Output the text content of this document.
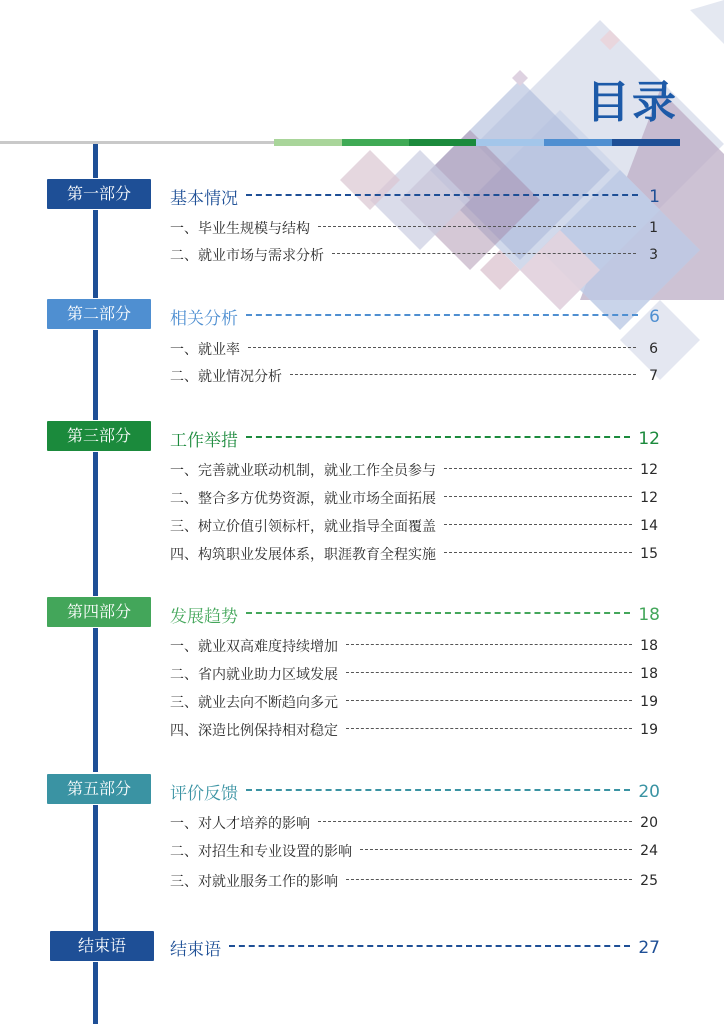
目录
第一部分	基本情况	1
一、毕业生规模与结构	1
二、就业市场与需求分析	3
第二部分	相关分析	6
一、就业率	6
二、就业情况分析	7
第三部分	工作举措	12
一、完善就业联动机制，就业工作全员参与	12
二、整合多方优势资源，就业市场全面拓展	12
三、树立价值引领标杆，就业指导全面覆盖	14
四、构筑职业发展体系，职涯教育全程实施	15
第四部分	发展趋势	18
一、就业双高难度持续增加	18
二、省内就业助力区域发展	18
三、就业去向不断趋向多元	19
四、深造比例保持相对稳定	19
第五部分	评价反馈	20
一、对人才培养的影响	20
二、对招生和专业设置的影响	24
三、对就业服务工作的影响	25
结束语	结束语	27
